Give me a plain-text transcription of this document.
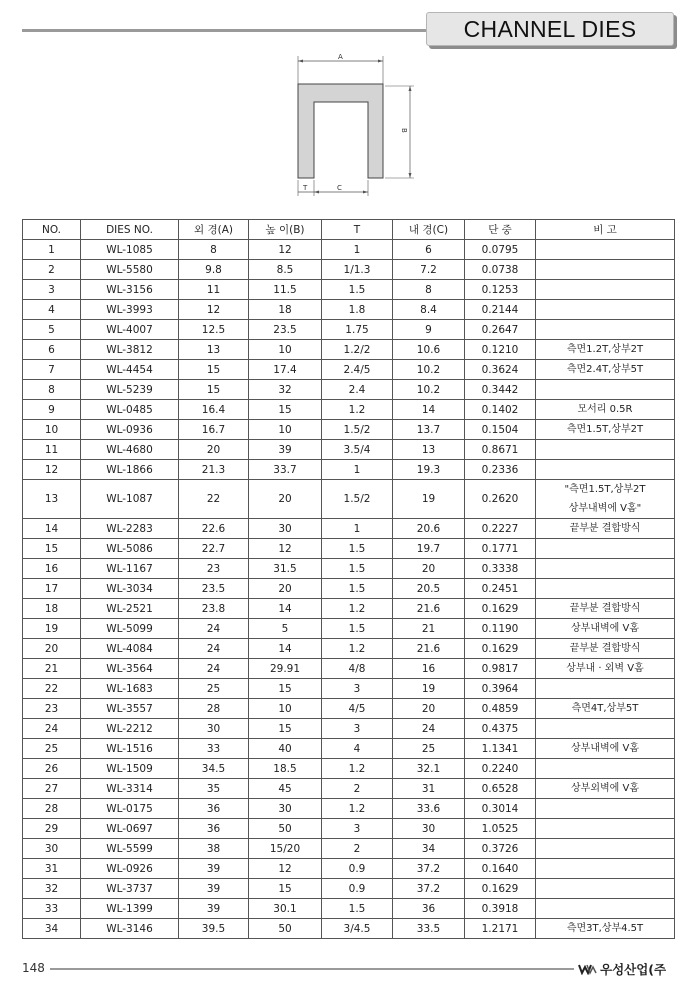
CHANNEL DIES
A
B
T	C
NO.	DIES NO.	외 경(A)	높 이(B)	T	내 경(C)	단 중	비 고
1	WL-1085	8	12	1	6	0.0795	
2	WL-5580	9.8	8.5	1/1.3	7.2	0.0738	
3	WL-3156	11	11.5	1.5	8	0.1253	
4	WL-3993	12	18	1.8	8.4	0.2144	
5	WL-4007	12.5	23.5	1.75	9	0.2647	
6	WL-3812	13	10	1.2/2	10.6	0.1210	측면1.2T,상부2T
7	WL-4454	15	17.4	2.4/5	10.2	0.3624	측면2.4T,상부5T
8	WL-5239	15	32	2.4	10.2	0.3442	
9	WL-0485	16.4	15	1.2	14	0.1402	모서리 0.5R
10	WL-0936	16.7	10	1.5/2	13.7	0.1504	측면1.5T,상부2T
11	WL-4680	20	39	3.5/4	13	0.8671	
12	WL-1866	21.3	33.7	1	19.3	0.2336	
13	WL-1087	22	20	1.5/2	19	0.2620	"측면1.5T,상부2T
상부내벽에 V홈"

14	WL-2283	22.6	30	1	20.6	0.2227	끝부분 결합방식
15	WL-5086	22.7	12	1.5	19.7	0.1771	
16	WL-1167	23	31.5	1.5	20	0.3338	
17	WL-3034	23.5	20	1.5	20.5	0.2451	
18	WL-2521	23.8	14	1.2	21.6	0.1629	끝부분 결합방식
19	WL-5099	24	5	1.5	21	0.1190	상부내벽에 V홈
20	WL-4084	24	14	1.2	21.6	0.1629	끝부분 결합방식
21	WL-3564	24	29.91	4/8	16	0.9817	상부내 · 외벽 V홈
22	WL-1683	25	15	3	19	0.3964	
23	WL-3557	28	10	4/5	20	0.4859	측면4T,상부5T
24	WL-2212	30	15	3	24	0.4375	
25	WL-1516	33	40	4	25	1.1341	상부내벽에 V홈
26	WL-1509	34.5	18.5	1.2	32.1	0.2240	
27	WL-3314	35	45	2	31	0.6528	상부외벽에 V홈
28	WL-0175	36	30	1.2	33.6	0.3014	
29	WL-0697	36	50	3	30	1.0525	
30	WL-5599	38	15/20	2	34	0.3726	
31	WL-0926	39	12	0.9	37.2	0.1640	
32	WL-3737	39	15	0.9	37.2	0.1629	
33	WL-1399	39	30.1	1.5	36	0.3918	
34	WL-3146	39.5	50	3/4.5	33.5	1.2171	측면3T,상부4.5T
148	우성산업(주
